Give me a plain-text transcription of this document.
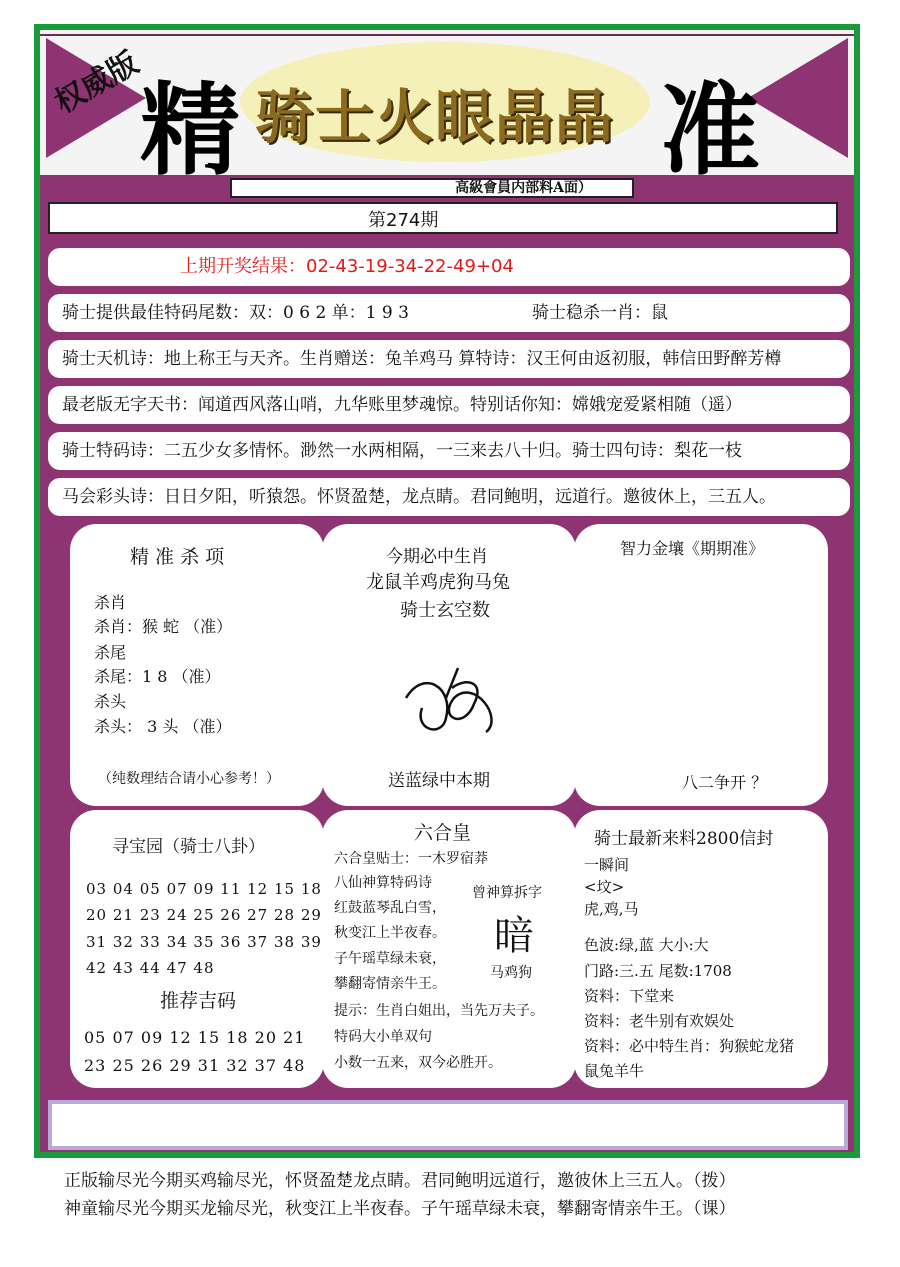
权威版
精	准
骑士火眼晶晶
高級會員内部料A面）
第274期
上期开奖结果：02-43-19-34-22-49+04
骑士提供最佳特码尾数：双：0 6 2 单：1 9 3	骑士稳杀一肖：鼠
骑士天机诗：地上称王与天齐。生肖赠送：兔羊鸡马 算特诗：汉王何由返初服，韩信田野醉芳樽
最老版无字天书：闻道西风落山哨，九华账里梦魂惊。特别话你知：嫦娥宠爱紧相随（遥）
骑士特码诗：二五少女多情怀。渺然一水两相隔，一三来去八十归。骑士四句诗：梨花一枝
马会彩头诗：日日夕阳，听猿怨。怀贤盈楚，龙点睛。君同鲍明，远道行。邀彼休上，三五人。
精 准 杀 项
杀肖
杀肖：猴 蛇 （准）
杀尾
杀尾：1 8 （准）
杀头
杀头： 3 头 （准）
（纯数理结合请小心参考！）
今期必中生肖
龙鼠羊鸡虎狗马兔
骑士玄空数
送蓝绿中本期
智力金壤《期期准》
八二争开 ？
寻宝园（骑士八卦）
03 04 05 07 09 11 12 15 18
20 21 23 24 25 26 27 28 29
31 32 33 34 35 36 37 38 39
42 43 44 47 48
推荐吉码
05 07 09 12 15 18 20 21
23 25 26 29 31 32 37 48
六合皇
六合皇贴士：一木罗宿莽
八仙神算特码诗
红鼓蓝琴乱白雪，
秋变江上半夜春。
子午瑶草绿未衰，
攀翻寄情亲牛王。
提示：生肖白姐出，当先万夫子。
特码大小单双句
小数一五来，双今必胜开。
曾神算拆字
暗
马鸡狗
骑士最新来料2800信封
一瞬间
<坟>
虎,鸡,马
色波:绿,蓝 大小:大
门路:三.五 尾数:1708
资料：下堂来
资料：老牛别有欢娱处
资料：必中特生肖：狗猴蛇龙猪
鼠兔羊牛
正版输尽光今期买鸡输尽光，怀贤盈楚龙点睛。君同鲍明远道行，邀彼休上三五人。（拨）
神童输尽光今期买龙输尽光，秋变江上半夜春。子午瑶草绿未衰，攀翻寄情亲牛王。（课）
